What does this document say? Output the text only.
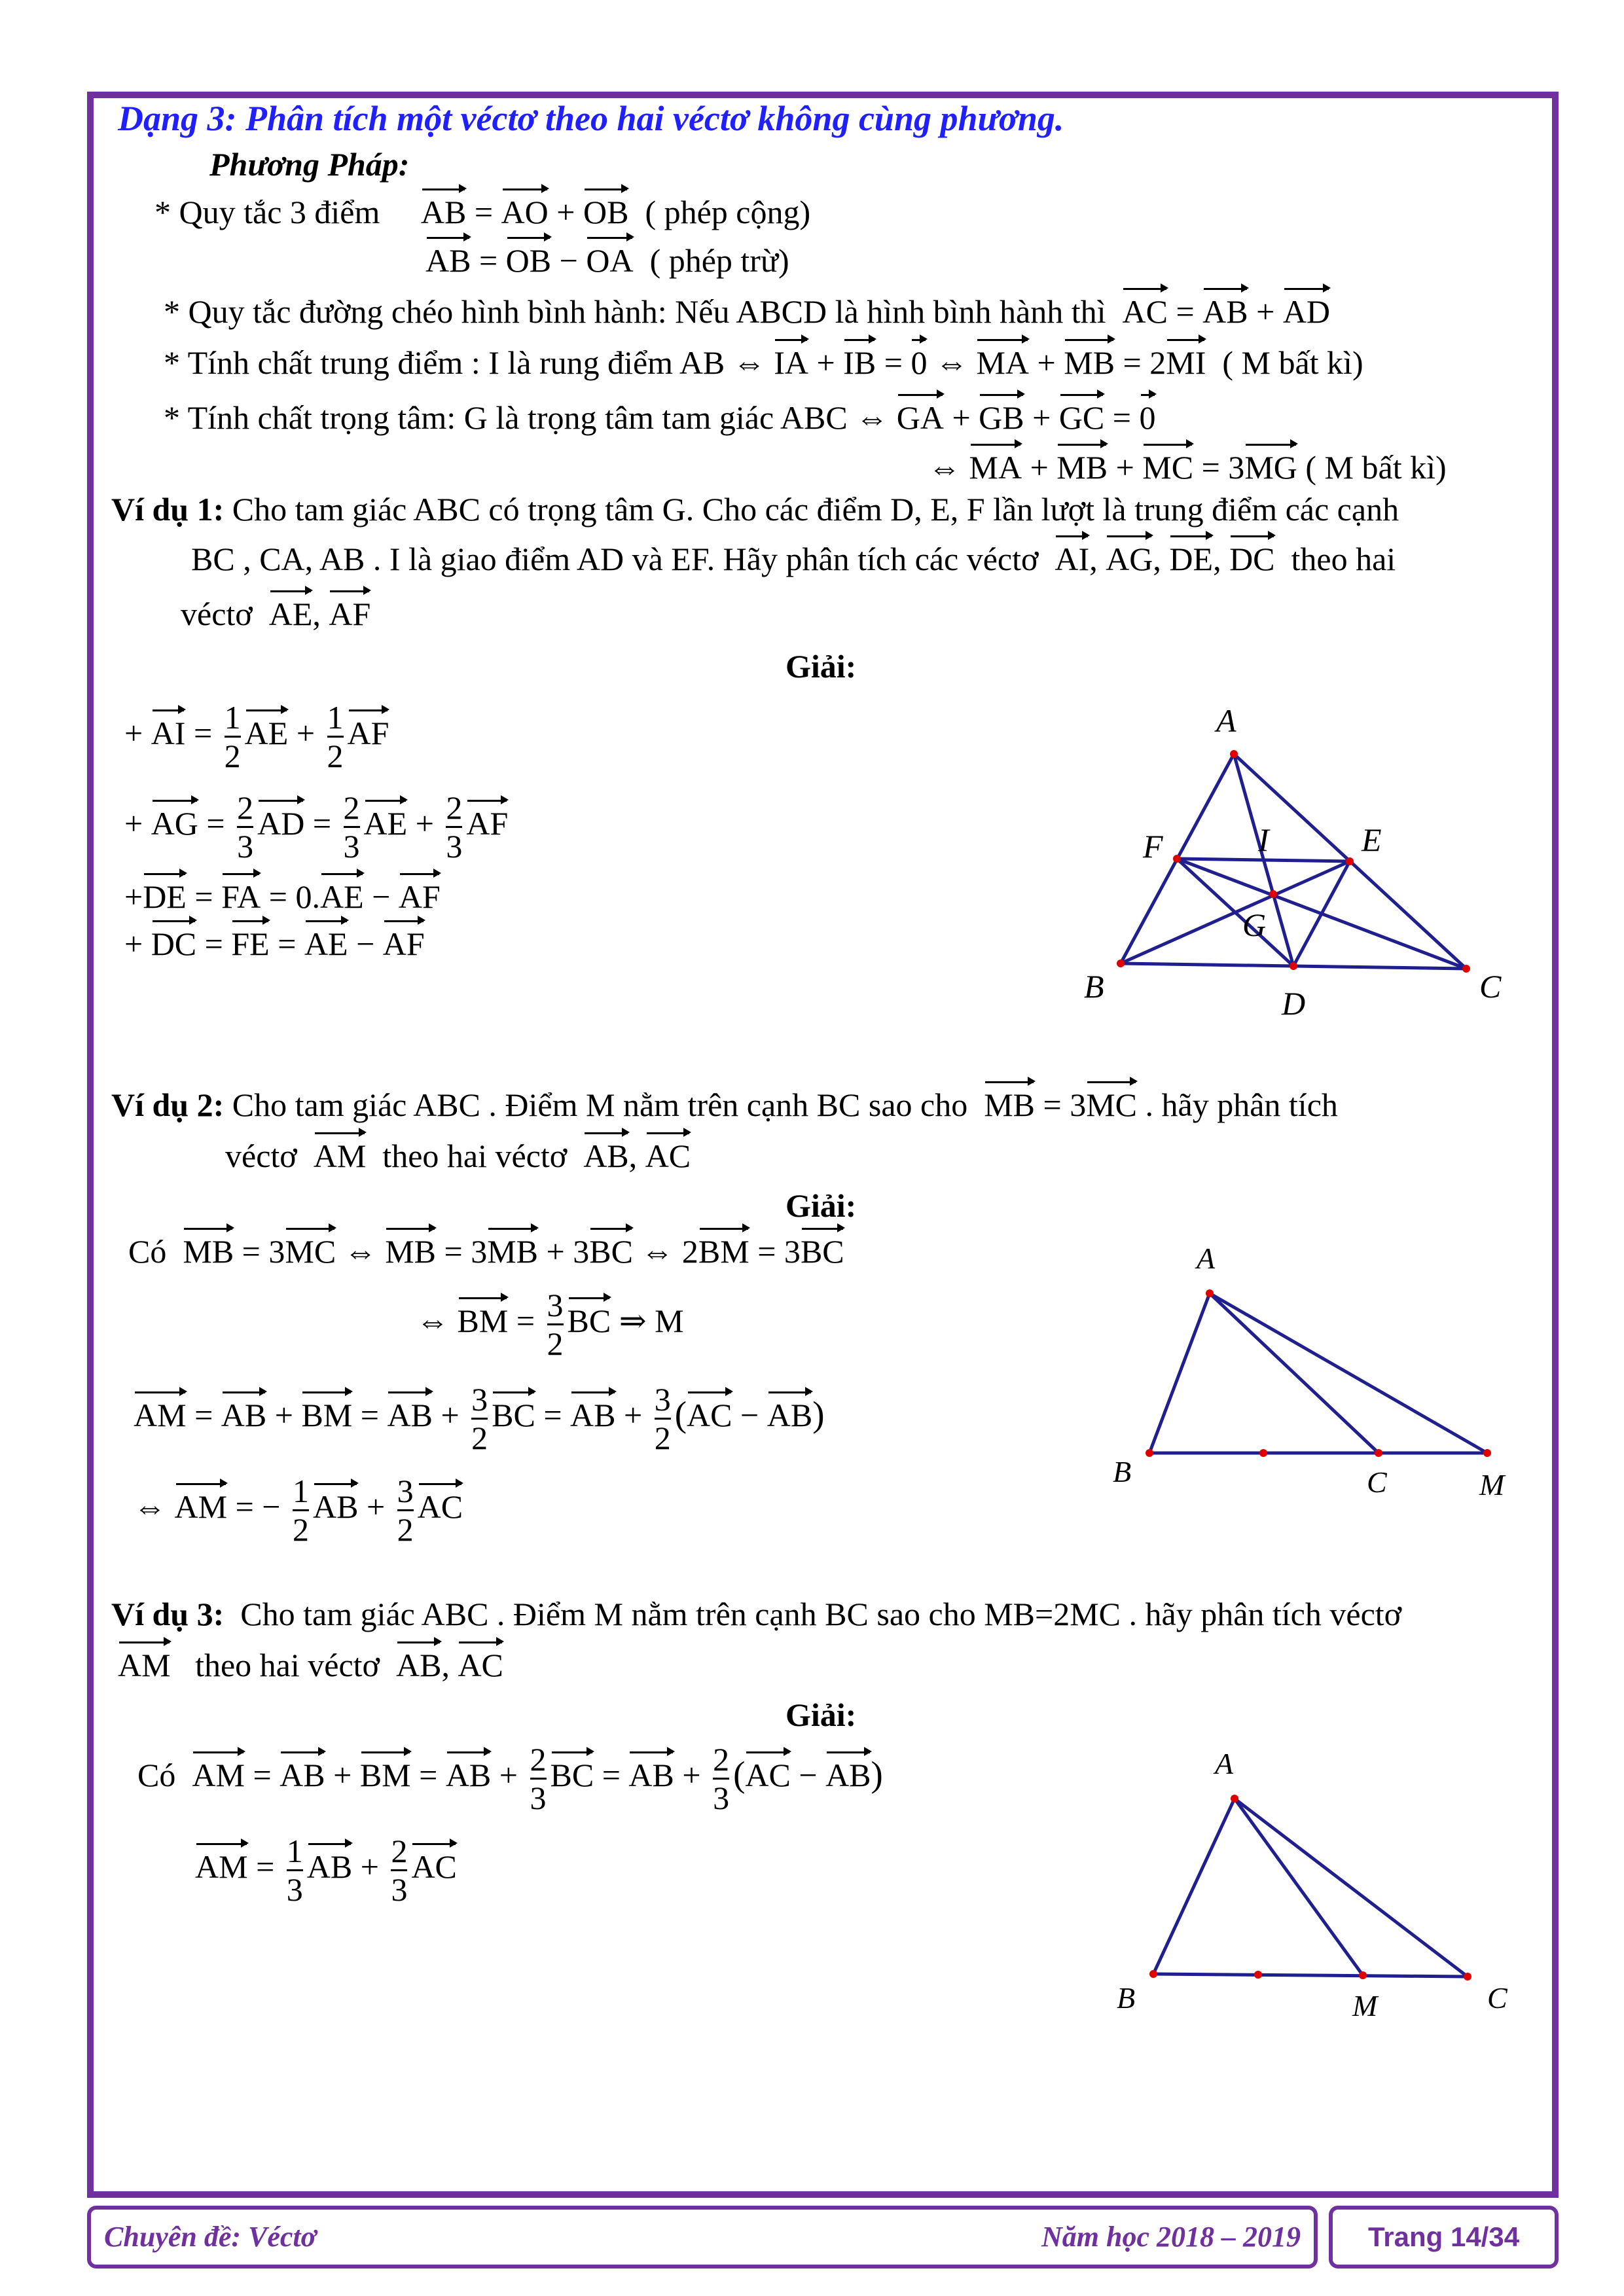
Dạng 3: Phân tích một véctơ theo hai véctơ không cùng phương.
Phương Pháp:
* Quy tắc 3 điểm AB = AO + OB ( phép cộng)
AB = OB − OA ( phép trừ)
* Quy tắc đường chéo hình bình hành: Nếu ABCD là hình bình hành thì AC = AB + AD
* Tính chất trung điểm : I là rung điểm AB ⇔ IA + IB = 0 ⇔ MA + MB = 2MI ( M bất kì)
* Tính chất trọng tâm: G là trọng tâm tam giác ABC ⇔ GA + GB + GC = 0
⇔ MA + MB + MC = 3MG ( M bất kì)
Ví dụ 1: Cho tam giác ABC có trọng tâm G. Cho các điểm D, E, F lần lượt là trung điểm các cạnh
BC , CA, AB . I là giao điểm AD và EF. Hãy phân tích các véctơ AI, AG, DE, DC theo hai
véctơ AE, AF
Giải:
+ AI = $\frac{1}{2}$ AE + $\frac{1}{2}$ AF
+ AG = $\frac{2}{3}$ AD = $\frac{2}{3}$ AE + $\frac{2}{3}$ AF
+DE = FA = 0.AE − AF
+ DC = FE = AE − AF
A
F	I	E
G
B	D	C
Ví dụ 2: Cho tam giác ABC . Điểm M nằm trên cạnh BC sao cho MB = 3MC . hãy phân tích
véctơ AM theo hai véctơ AB, AC
Giải:
Có MB = 3MC ⇔ MB = 3MB + 3BC ⇔ 2BM = 3BC
⇔ BM = $\frac{3}{2}$ BC ⇒ M
AM = AB + BM = AB + $\frac{3}{2}$ BC = AB + $\frac{3}{2} (AC - AB)$
⇔ AM = − $\frac{1}{2}$ AB + $\frac{3}{2}$ AC
A
B	C	M
Ví dụ 3: Cho tam giác ABC . Điểm M nằm trên cạnh BC sao cho MB=2MC . hãy phân tích véctơ
AM theo hai véctơ AB, AC
Giải:
Có AM = AB + BM = AB + $\frac{2}{3}$ BC = AB + $\frac{2}{3} (AC - AB)$
AM = $\frac{1}{3}$ AB + $\frac{2}{3}$ AC
A
B	M	C
Chuyên đề: Véctơ	Năm học 2018 – 2019	Trang 14/34
